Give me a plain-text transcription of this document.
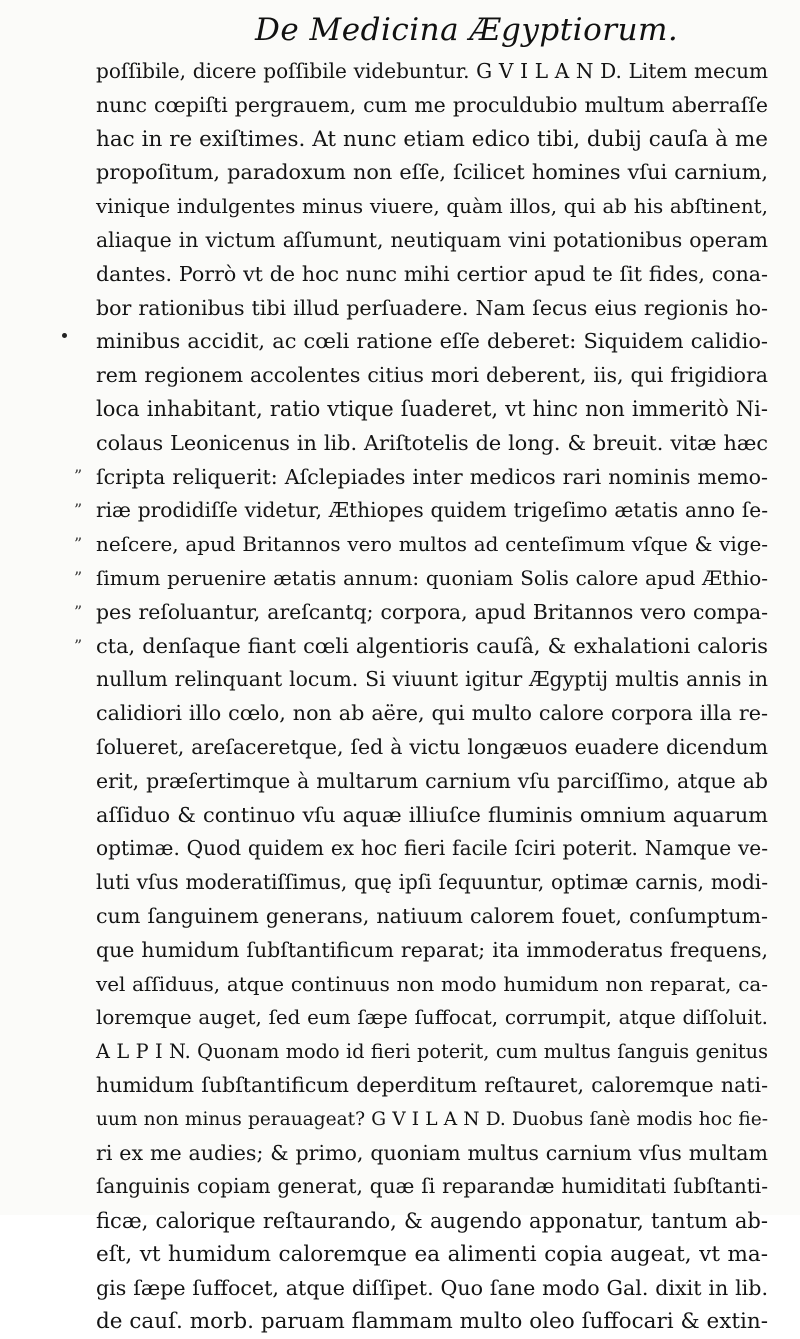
De Medicina Ægyptiorum.
”
”
”
”
”
”
poſſibile, dicere poſſibile videbuntur. G V I L A N D. Litem mecum
nunc cœpiſti pergrauem, cum me proculdubio multum aberraſſe
hac in re exiſtimes. At nunc etiam edico tibi, dubij cauſa à me
propoſitum, paradoxum non eſſe, ſcilicet homines vſui carnium,
vinique indulgentes minus viuere, quàm illos, qui ab his abſtinent,
aliaque in victum aſſumunt, neutiquam vini potationibus operam
dantes. Porrò vt de hoc nunc mihi certior apud te ſit fides, cona-
bor rationibus tibi illud perſuadere. Nam ſecus eius regionis ho-
minibus accidit, ac cœli ratione eſſe deberet: Siquidem calidio-
rem regionem accolentes citius mori deberent, iis, qui frigidiora
loca inhabitant, ratio vtique ſuaderet, vt hinc non immeritò Ni-
colaus Leonicenus in lib. Ariſtotelis de long. & breuit. vitæ hæc
ſcripta reliquerit: Aſclepiades inter medicos rari nominis memo-
riæ prodidiſſe videtur, Æthiopes quidem trigeſimo ætatis anno ſe-
neſcere, apud Britannos vero multos ad centeſimum vſque & vige-
ſimum peruenire ætatis annum: quoniam Solis calore apud Æthio-
pes reſoluantur, areſcantq; corpora, apud Britannos vero compa-
cta, denſaque fiant cœli algentioris cauſâ, & exhalationi caloris
nullum relinquant locum. Si viuunt igitur Ægyptij multis annis in
calidiori illo cœlo, non ab aëre, qui multo calore corpora illa re-
ſolueret, areſaceretque, ſed à victu longæuos euadere dicendum
erit, præſertimque à multarum carnium vſu parciſſimo, atque ab
aſſiduo & continuo vſu aquæ illiuſce fluminis omnium aquarum
optimæ. Quod quidem ex hoc fieri facile ſciri poterit. Namque ve-
luti vſus moderatiſſimus, quę ipſi ſequuntur, optimæ carnis, modi-
cum ſanguinem generans, natiuum calorem fouet, conſumptum-
que humidum ſubſtantificum reparat; ita immoderatus frequens,
vel aſſiduus, atque continuus non modo humidum non reparat, ca-
loremque auget, ſed eum ſæpe ſuffocat, corrumpit, atque diſſoluit.
A L P I N. Quonam modo id fieri poterit, cum multus ſanguis genitus
humidum ſubſtantificum deperditum reſtauret, caloremque nati-
uum non minus perauageat? G V I L A N D. Duobus ſanè modis hoc fie-
ri ex me audies; & primo, quoniam multus carnium vſus multam
ſanguinis copiam generat, quæ ſi reparandæ humiditati ſubſtanti-
ficæ, calorique reſtaurando, & augendo apponatur, tantum ab-
eſt, vt humidum caloremque ea alimenti copia augeat, vt ma-
gis ſæpe ſuffocet, atque diſſipet. Quo ſane modo Gal. dixit in lib.
de cauſ. morb. paruam flammam multo oleo ſuffocari & extin-
